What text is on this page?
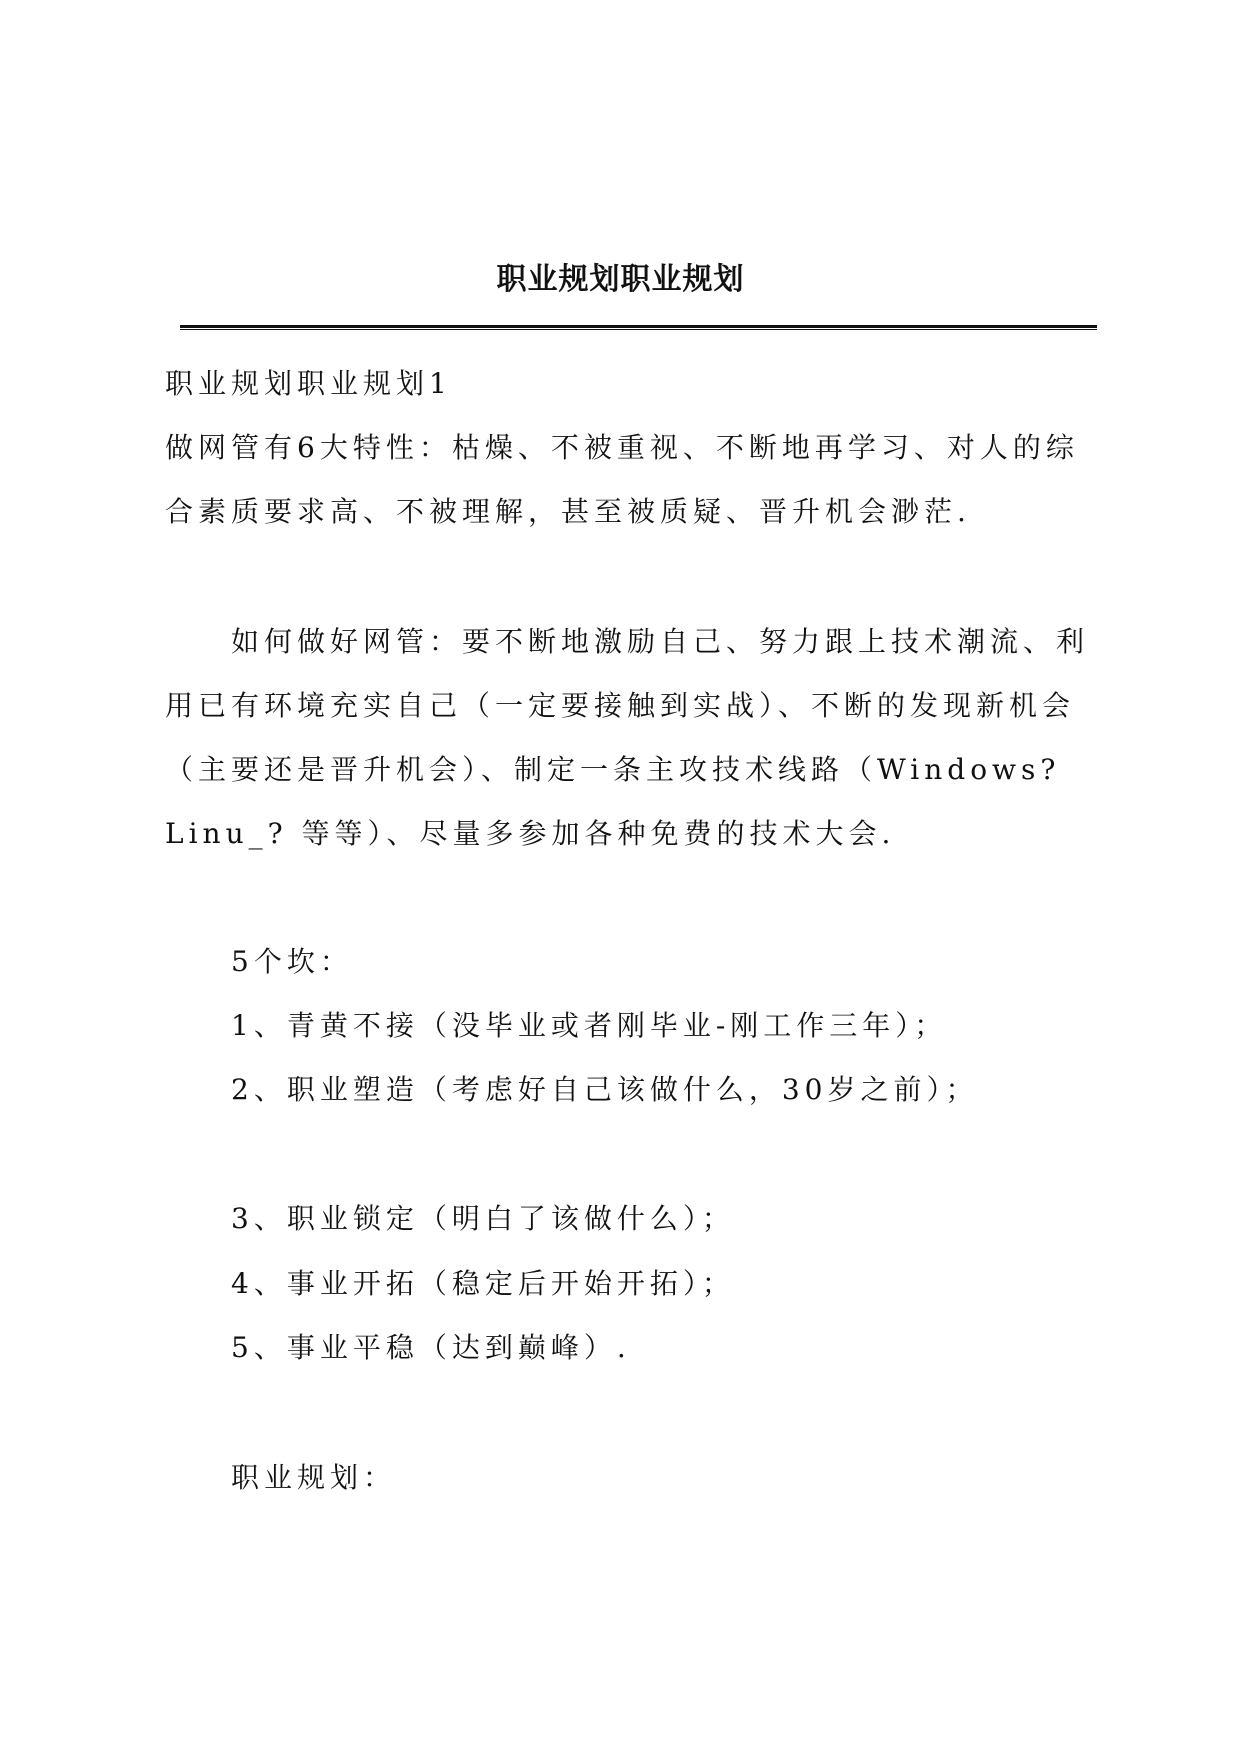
职业规划职业规划
职业规划职业规划1
做网管有6大特性：枯燥、不被重视、不断地再学习、对人的综
合素质要求高、不被理解，甚至被质疑、晋升机会渺茫.
如何做好网管：要不断地激励自己、努力跟上技术潮流、利
用已有环境充实自己（一定要接触到实战）、不断的发现新机会
（主要还是晋升机会）、制定一条主攻技术线路（Windows?
Linu_? 等等）、尽量多参加各种免费的技术大会.
5个坎：
1、青黄不接（没毕业或者刚毕业-刚工作三年）；
2、职业塑造（考虑好自己该做什么，30岁之前）；
3、职业锁定（明白了该做什么）；
4、事业开拓（稳定后开始开拓）；
5、事业平稳（达到巅峰）.
职业规划：
